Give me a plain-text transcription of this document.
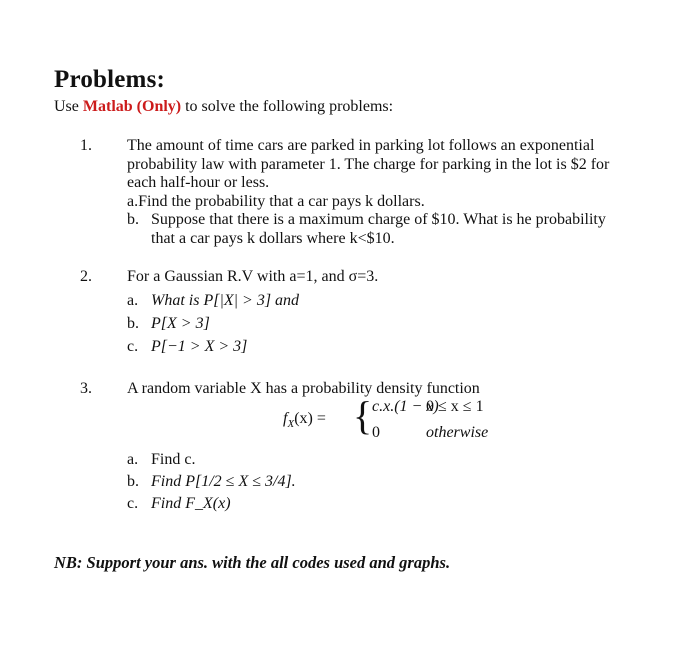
Problems:
Use Matlab (Only) to solve the following problems:
1. The amount of time cars are parked in parking lot follows an exponential
probability law with parameter 1. The charge for parking in the lot is $2 for
each half-hour or less.
a.Find the probability that a car pays k dollars.
b. Suppose that there is a maximum charge of $10. What is he probability that a car pays k dollars where k<$10.
2. For a Gaussian R.V with a=1, and σ=3.
a. What is P[|X| > 3] and
b. P[X > 3]
c. P[−1 > X > 3]
3. A random variable X has a probability density function
$f_X(x)$ = { c.x.(1 − x)
0 ≤ x ≤ 1
0	otherwise
a. Find c.
b. Find P[1/2 ≤ X ≤ 3/4].
c. Find F_X(x)
NB: Support your ans. with the all codes used and graphs.
